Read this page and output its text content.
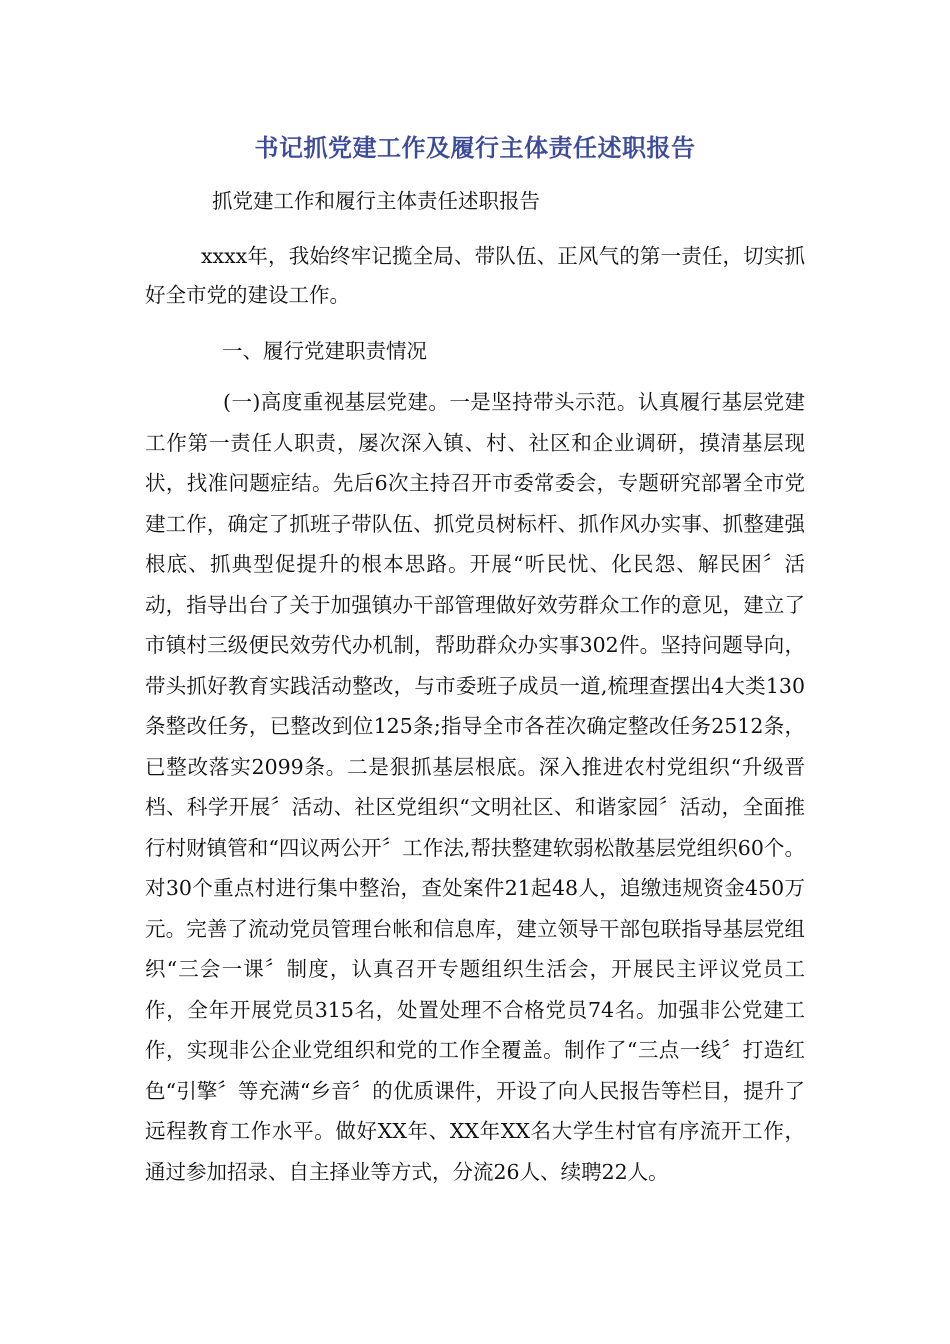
书记抓党建工作及履行主体责任述职报告
抓党建工作和履行主体责任述职报告
xxxx年，我始终牢记揽全局、带队伍、正风气的第一责任，切实抓好全市党的建设工作。
一、履行党建职责情况
(一)高度重视基层党建。一是坚持带头示范。认真履行基层党建工作第一责任人职责，屡次深入镇、村、社区和企业调研，摸清基层现状，找准问题症结。先后6次主持召开市委常委会，专题研究部署全市党建工作，确定了抓班子带队伍、抓党员树标杆、抓作风办实事、抓整建强根底、抓典型促提升的根本思路。开展“听民忧、化民怨、解民困〞活动，指导出台了关于加强镇办干部管理做好效劳群众工作的意见，建立了市镇村三级便民效劳代办机制，帮助群众办实事302件。坚持问题导向，带头抓好教育实践活动整改，与市委班子成员一道,梳理查摆出4大类130条整改任务，已整改到位125条;指导全市各茬次确定整改任务2512条，已整改落实2099条。二是狠抓基层根底。深入推进农村党组织“升级晋档、科学开展〞活动、社区党组织“文明社区、和谐家园〞活动，全面推行村财镇管和“四议两公开〞工作法,帮扶整建软弱松散基层党组织60个。对30个重点村进行集中整治，查处案件21起48人，追缴违规资金450万元。完善了流动党员管理台帐和信息库，建立领导干部包联指导基层党组织“三会一课〞制度，认真召开专题组织生活会，开展民主评议党员工作，全年开展党员315名，处置处理不合格党员74名。加强非公党建工作，实现非公企业党组织和党的工作全覆盖。制作了“三点一线〞打造红色“引擎〞等充满“乡音〞的优质课件，开设了向人民报告等栏目，提升了远程教育工作水平。做好XX年、XX年XX名大学生村官有序流开工作，通过参加招录、自主择业等方式，分流26人、续聘22人。
